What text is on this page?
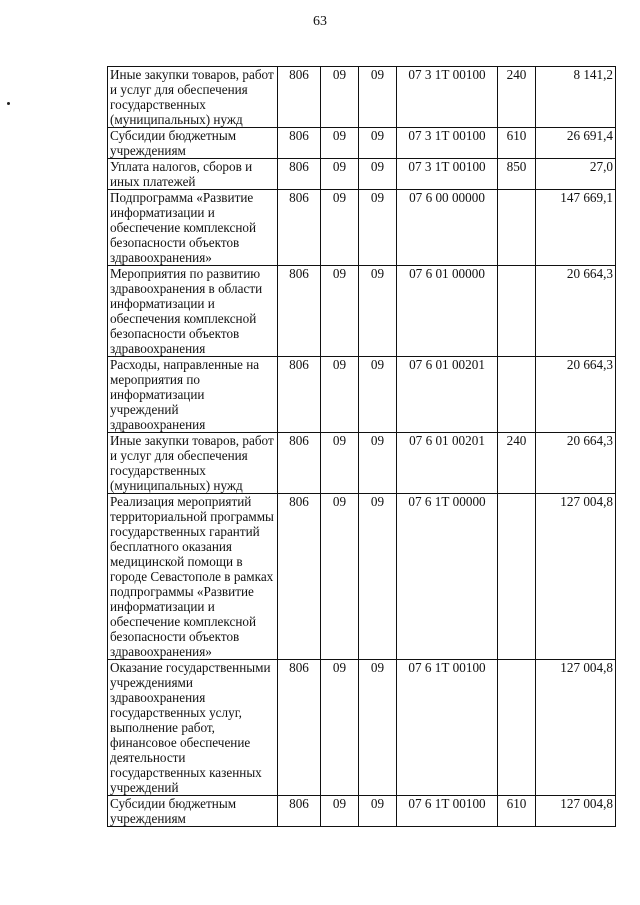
63
Иные закупки товаров, работ и услуг для обеспечения государственных (муниципальных) нужд	806	09	09	07 3 1Т 00100	240	8 141,2
Субсидии бюджетным учреждениям	806	09	09	07 3 1Т 00100	610	26 691,4
Уплата налогов, сборов и иных платежей	806	09	09	07 3 1Т 00100	850	27,0
Подпрограмма «Развитие информатизации и обеспечение комплексной безопасности объектов здравоохранения»	806	09	09	07 6 00 00000		147 669,1
Мероприятия по развитию здравоохранения в области информатизации и обеспечения комплексной безопасности объектов здравоохранения	806	09	09	07 6 01 00000		20 664,3
Расходы, направленные на мероприятия по информатизации учреждений здравоохранения	806	09	09	07 6 01 00201		20 664,3
Иные закупки товаров, работ и услуг для обеспечения государственных (муниципальных) нужд	806	09	09	07 6 01 00201	240	20 664,3
Реализация мероприятий территориальной программы государственных гарантий бесплатного оказания медицинской помощи в городе Севастополе в рамках подпрограммы «Развитие информатизации и обеспечение комплексной безопасности объектов здравоохранения»	806	09	09	07 6 1Т 00000		127 004,8
Оказание государственными учреждениями здравоохранения государственных услуг, выполнение работ, финансовое обеспечение деятельности государственных казенных учреждений	806	09	09	07 6 1Т 00100		127 004,8
Субсидии бюджетным учреждениям	806	09	09	07 6 1Т 00100	610	127 004,8
